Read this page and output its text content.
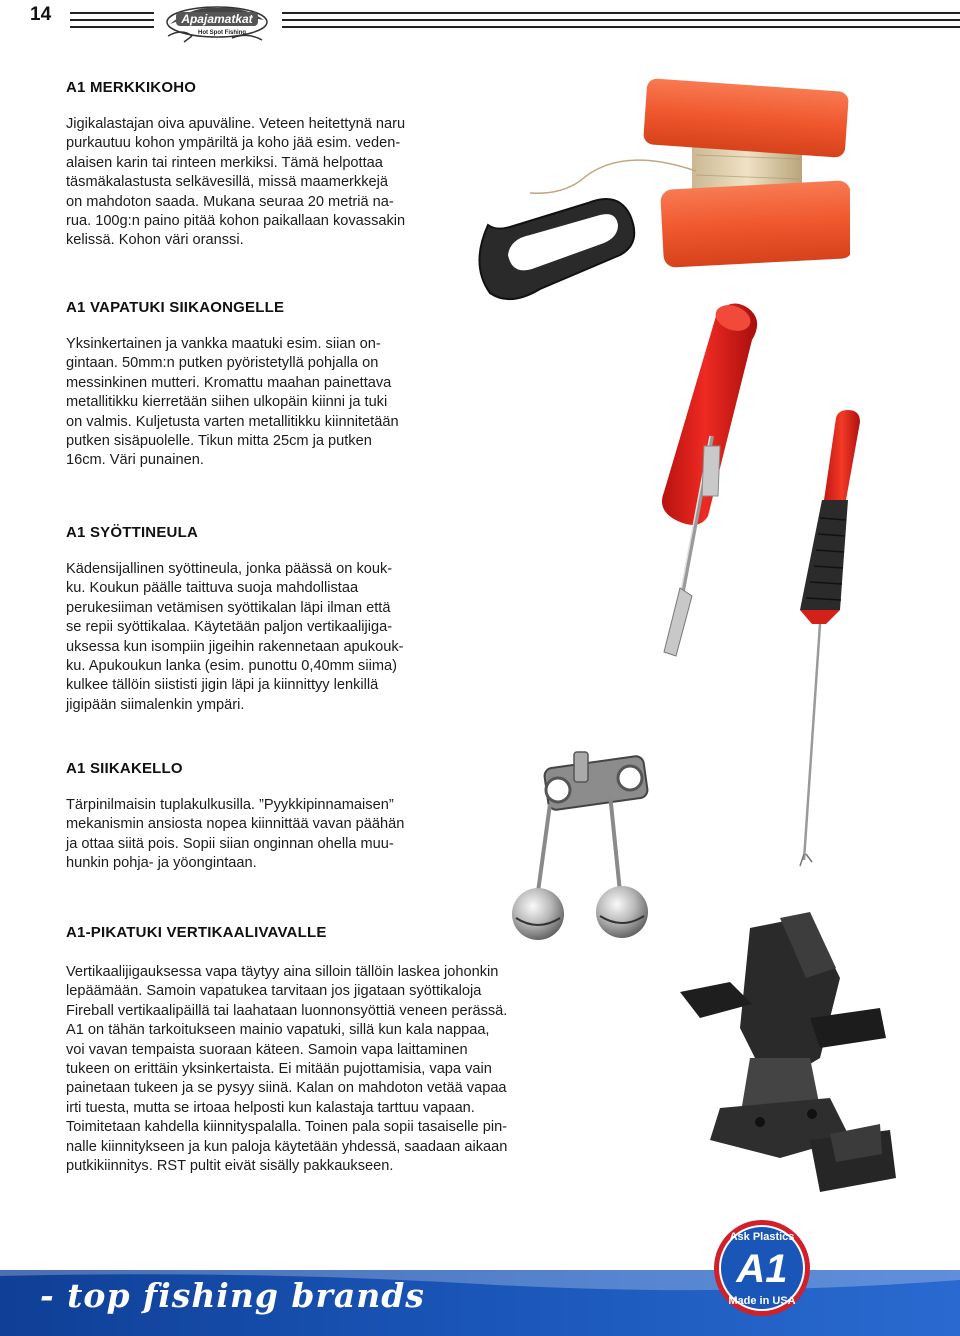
14	Apajamatkat
Hot Spot Fishing
A1 MERKKIKOHO

Jigikalastajan oiva apuväline. Veteen heitettynä naru

purkautuu kohon ympäriltä ja koho jää esim. veden-

alaisen karin tai rinteen merkiksi. Tämä helpottaa

täsmäkalastusta selkävesillä, missä maamerkkejä

on mahdoton saada. Mukana seuraa 20 metriä na-

rua. 100g:n paino pitää kohon paikallaan kovassakin

kelissä. Kohon väri oranssi.

A1 VAPATUKI SIIKAONGELLE

Yksinkertainen ja vankka maatuki esim. siian on-

gintaan. 50mm:n putken pyöristetyllä pohjalla on

messinkinen mutteri. Kromattu maahan painettava

metallitikku kierretään siihen ulkopäin kiinni ja tuki

on valmis. Kuljetusta varten metallitikku kiinnitetään

putken sisäpuolelle. Tikun mitta 25cm ja putken

16cm. Väri punainen.

A1 SYÖTTINEULA

Kädensijallinen syöttineula, jonka päässä on kouk-

ku. Koukun päälle taittuva suoja mahdollistaa

perukesiiman vetämisen syöttikalan läpi ilman että

se repii syöttikalaa. Käytetään paljon vertikaalijiga-

uksessa kun isompiin jigeihin rakennetaan apukouk-

ku. Apukoukun lanka (esim. punottu 0,40mm siima)

kulkee tällöin siististi jigin läpi ja kiinnittyy lenkillä

jigipään siimalenkin ympäri.

A1 SIIKAKELLO

Tärpinilmaisin tuplakulkusilla. ”Pyykkipinnamaisen”

mekanismin ansiosta nopea kiinnittää vavan päähän

ja ottaa siitä pois. Sopii siian onginnan ohella muu-

hunkin pohja- ja yöongintaan.

A1-PIKATUKI VERTIKAALIVAVALLE

Vertikaalijigauksessa vapa täytyy aina silloin tällöin laskea johonkin

lepäämään. Samoin vapatukea tarvitaan jos jigataan syöttikaloja

Fireball vertikaalipäillä tai laahataan luonnonsyöttiä veneen perässä.

A1 on tähän tarkoitukseen mainio vapatuki, sillä kun kala nappaa,

voi vavan tempaista suoraan käteen. Samoin vapa laittaminen

tukeen on erittäin yksinkertaista. Ei mitään pujottamisia, vapa vain

painetaan tukeen ja se pysyy siinä. Kalan on mahdoton vetää vapaa

irti tuesta, mutta se irtoaa helposti kun kalastaja tarttuu vapaan.

Toimitetaan kahdella kiinnityspalalla. Toinen pala sopii tasaiselle pin-

nalle kiinnitykseen ja kun paloja käytetään yhdessä, saadaan aikaan

putkikiinnitys. RST pultit eivät sisälly pakkaukseen.

- top fishing brands
Ask Plastics
A1
Made in USA
